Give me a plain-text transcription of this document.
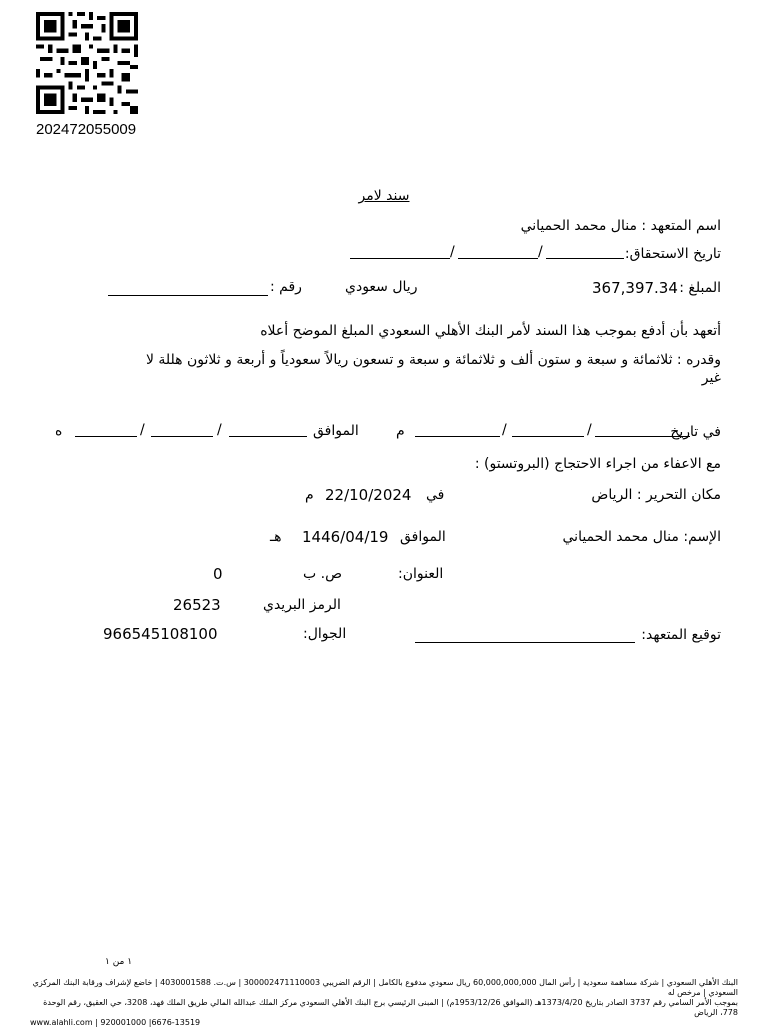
202472055009
سند لامر
اسم المتعهد : منال محمد الحمياني
تاريخ الاستحقاق:
/	/
المبلغ :
367,397.34
ريال سعودي
رقم :
أتعهد بأن أدفع بموجب هذا السند لأمر البنك الأهلي السعودي المبلغ الموضح أعلاه
وقدره : ثلاثمائة و سبعة و ستون ألف و ثلاثمائة و سبعة و تسعون ريالاً سعودياً و أربعة و ثلاثون هللة لا
غير
في تاريخ
/	/
م
الموافق
/	/
ه
مع الاعفاء من اجراء الاحتجاج (البروتستو) :
مكان التحرير : الرياض
في
22/10/2024
م
الإسم: منال محمد الحمياني
الموافق
1446/04/19
هـ
العنوان:
ص. ب
0
الرمز البريدي
26523
توقيع المتعهد:
الجوال:
966545108100
١ من ١
البنك الأهلي السعودي | شركة مساهمة سعودية | رأس المال 60,000,000,000 ريال سعودي مدفوع بالكامل | الرقم الضريبي 300002471110003 | س.ت. 4030001588 | خاضع لإشراف ورقابة البنك المركزي السعودي | مرخص له
بموجب الأمر السامي رقم 3737 الصادر بتاريخ 1373/4/20هـ (الموافق 1953/12/26م) | المبنى الرئيسي برج البنك الأهلي السعودي مركز الملك عبدالله المالي طريق الملك فهد، 3208، حي العقيق، رقم الوحدة 778، الرياض
www.alahli.com | 920001000 |6676-13519
